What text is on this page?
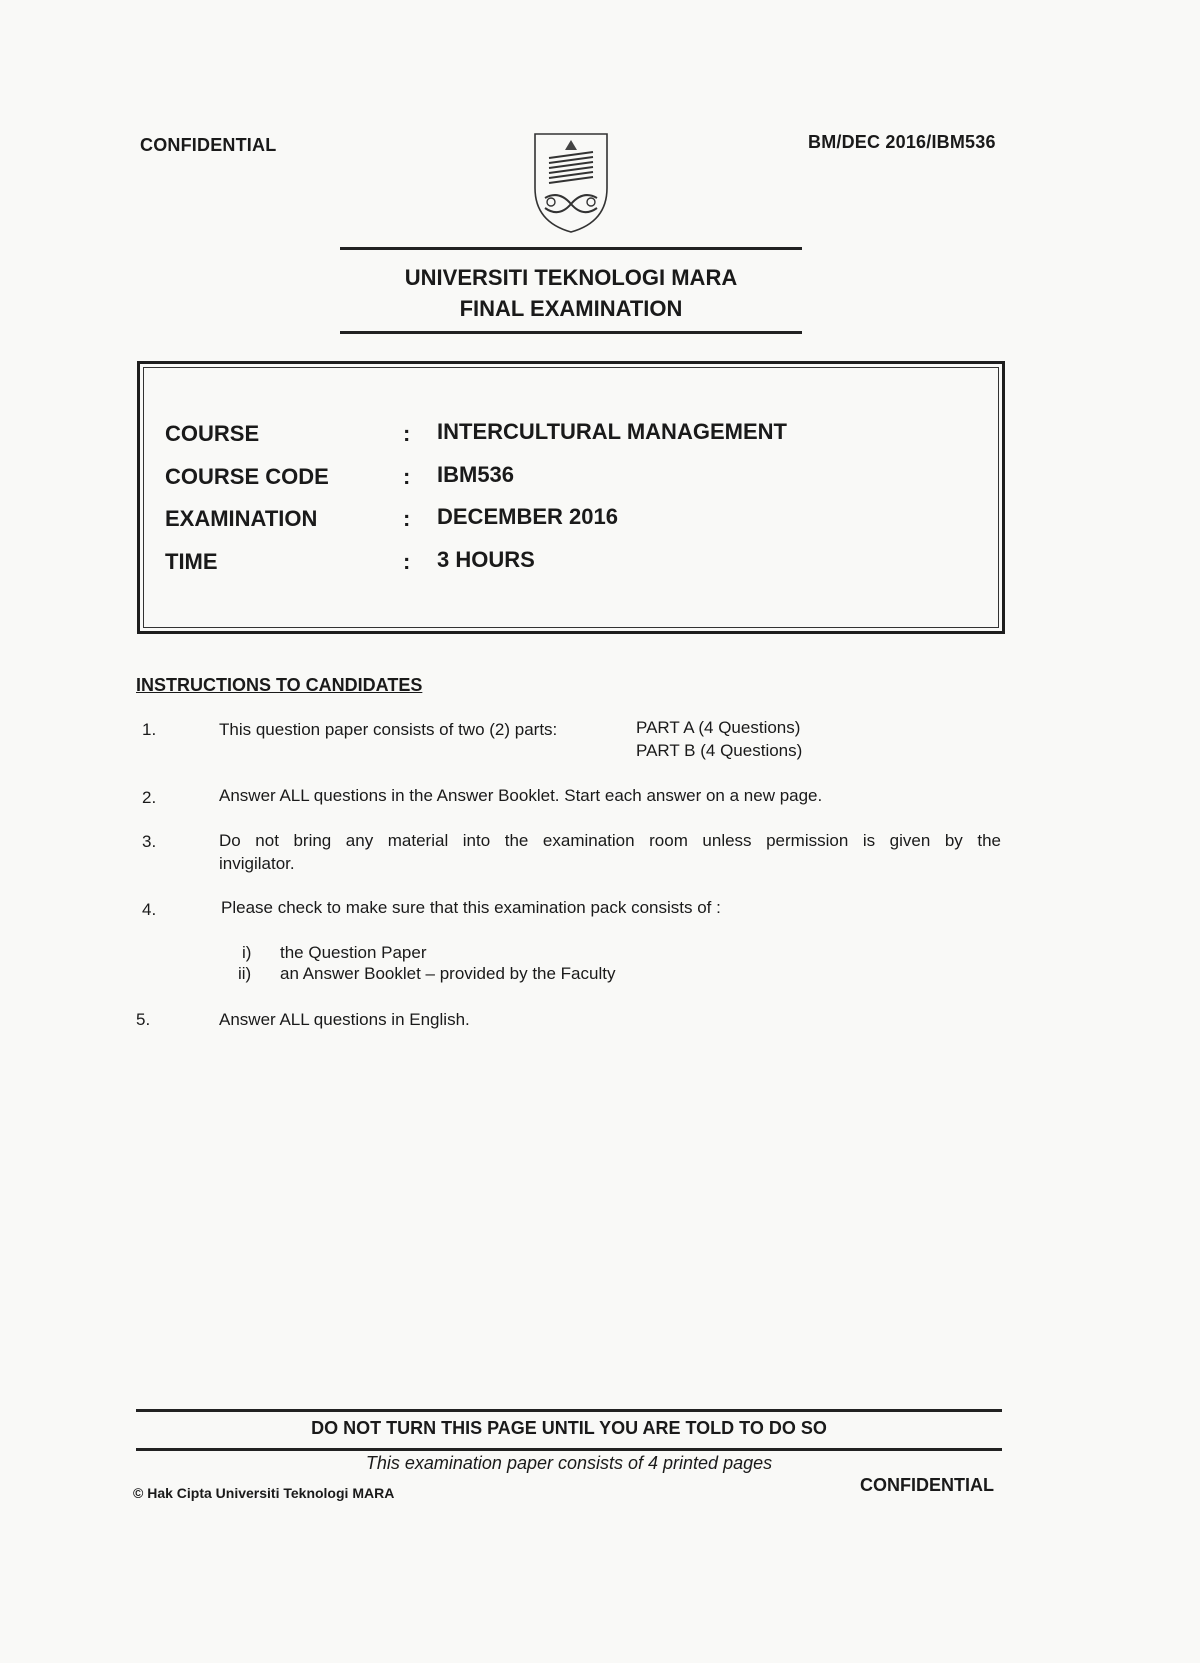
CONFIDENTIAL	BM/DEC 2016/IBM536
UNIVERSITI TEKNOLOGI MARA
FINAL EXAMINATION
COURSE	: INTERCULTURAL MANAGEMENT
COURSE CODE	: IBM536
EXAMINATION	: DECEMBER 2016
TIME	: 3 HOURS
INSTRUCTIONS TO CANDIDATES
1.	This question paper consists of two (2) parts:	PART A (4 Questions)
PART B (4 Questions)
2.	Answer ALL questions in the Answer Booklet. Start each answer on a new page.
3.	Do not bring any material into the examination room unless permission is given by the
invigilator.
4.	Please check to make sure that this examination pack consists of :
i) the Question Paper
ii) an Answer Booklet – provided by the Faculty
5.	Answer ALL questions in English.
DO NOT TURN THIS PAGE UNTIL YOU ARE TOLD TO DO SO
This examination paper consists of 4 printed pages
© Hak Cipta Universiti Teknologi MARA	CONFIDENTIAL
